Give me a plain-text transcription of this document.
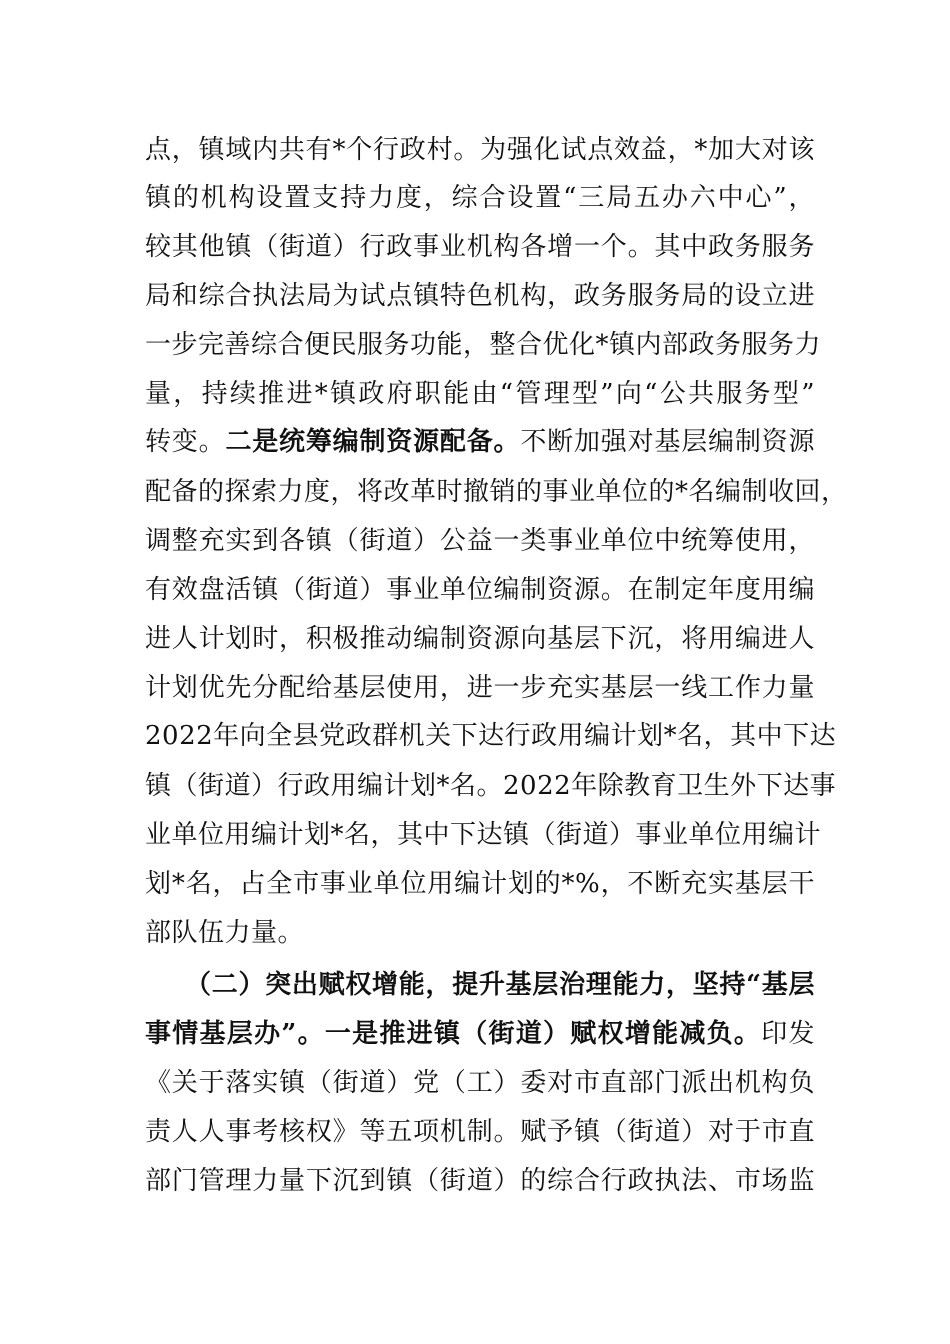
点，镇域内共有*个行政村。为强化试点效益，*加大对该
镇的机构设置支持力度，综合设置“三局五办六中心”，
较其他镇（街道）行政事业机构各增一个。其中政务服务
局和综合执法局为试点镇特色机构，政务服务局的设立进
一步完善综合便民服务功能，整合优化*镇内部政务服务力
量，持续推进*镇政府职能由“管理型”向“公共服务型”
转变。二是统筹编制资源配备。不断加强对基层编制资源
配备的探索力度，将改革时撤销的事业单位的*名编制收回，
调整充实到各镇（街道）公益一类事业单位中统筹使用，
有效盘活镇（街道）事业单位编制资源。在制定年度用编
进人计划时，积极推动编制资源向基层下沉，将用编进人
计划优先分配给基层使用，进一步充实基层一线工作力量
2022年向全县党政群机关下达行政用编计划*名，其中下达
镇（街道）行政用编计划*名。2022年除教育卫生外下达事
业单位用编计划*名，其中下达镇（街道）事业单位用编计
划*名，占全市事业单位用编计划的*%，不断充实基层干
部队伍力量。
（二）突出赋权增能，提升基层治理能力，坚持“基层
事情基层办”。一是推进镇（街道）赋权增能减负。印发
《关于落实镇（街道）党（工）委对市直部门派出机构负
责人人事考核权》等五项机制。赋予镇（街道）对于市直
部门管理力量下沉到镇（街道）的综合行政执法、市场监
